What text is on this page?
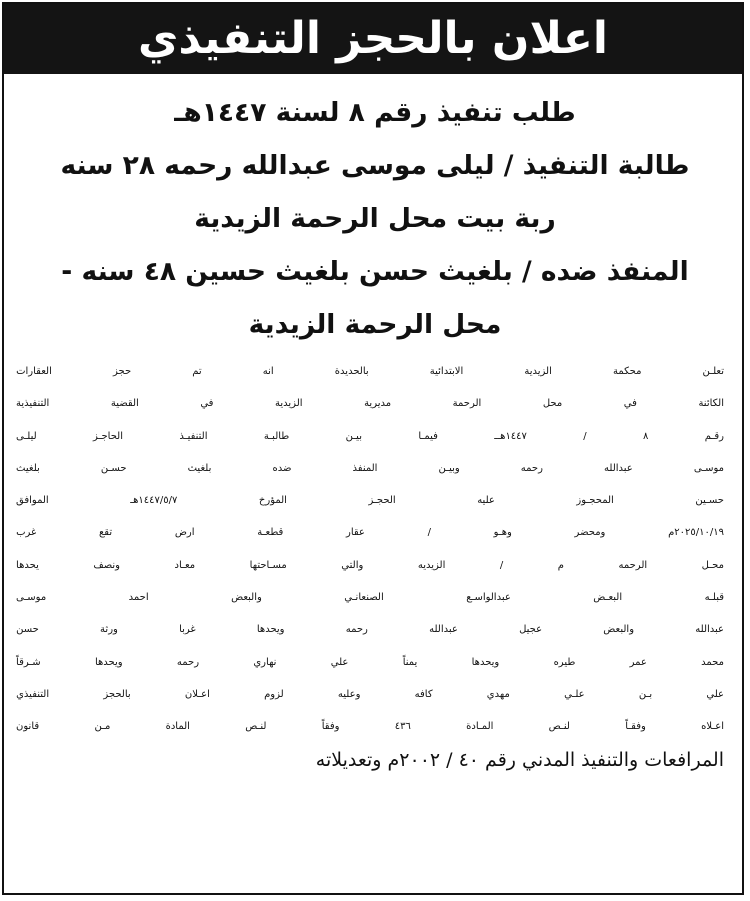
اعلان بالحجز التنفيذي

طلب تنفيذ رقم ٨ لسنة ١٤٤٧هـ

طالبة التنفيذ / ليلى موسى عبدالله رحمه ٢٨ سنه

ربة بيت محل الرحمة الزيدية

المنفذ ضده / بلغيث حسن بلغيث حسين ٤٨ سنه -

محل الرحمة الزيدية

تعلـن
محكمة
الزيدية
الابتدائية
بالحديدة
انه
تم
حجز
العقارات
الكائنة
في
محل
الرحمة
مديرية
الزيدية
في
القضية
التنفيذية
رقـم
٨
/
١٤٤٧هــ
فيمـا
بيـن
طالبـة
التنفيـذ
الحاجـز
ليلـى
موسـى
عبدالله
رحمه
وبيـن
المنفذ
ضده
بلغيث
حسـن
بلغيث
حسـين
المحجـوز
عليه
الحجـز
المؤرخ
١٤٤٧/٥/٧هـ
الموافق
٢٠٢٥/١٠/١٩م
ومحضر
وهـو
/
عقار
قطعـة
ارض
تقع
غرب
محـل
الرحمه
م
/
الزيديه
والتي
مسـاحتها
معـاد
ونصف
يحدها
قبلـه
البعـض
عبدالواسـع
الصنعانـي
والبعض
احمد
موسـى
عبدالله
والبعض
عجيل
عبدالله
رحمه
ويحدها
غربا
ورثة
حسن
محمد
عمر
طيره
ويحدها
يمناً
علي
نهاري
رحمه
ويحدها
شـرقاً
علي
بـن
علـي
مهدي
كافه
وعليه
لزوم
اعـلان
بالحجز
التنفيذي
اعـلاه
وفقـاً
لنـص
المـادة
٤٣٦
وفقاً
لنـص
المادة
مـن
قانون
المرافعات والتنفيذ المدني رقم ٤٠ / ٢٠٠٢م وتعديلاته
